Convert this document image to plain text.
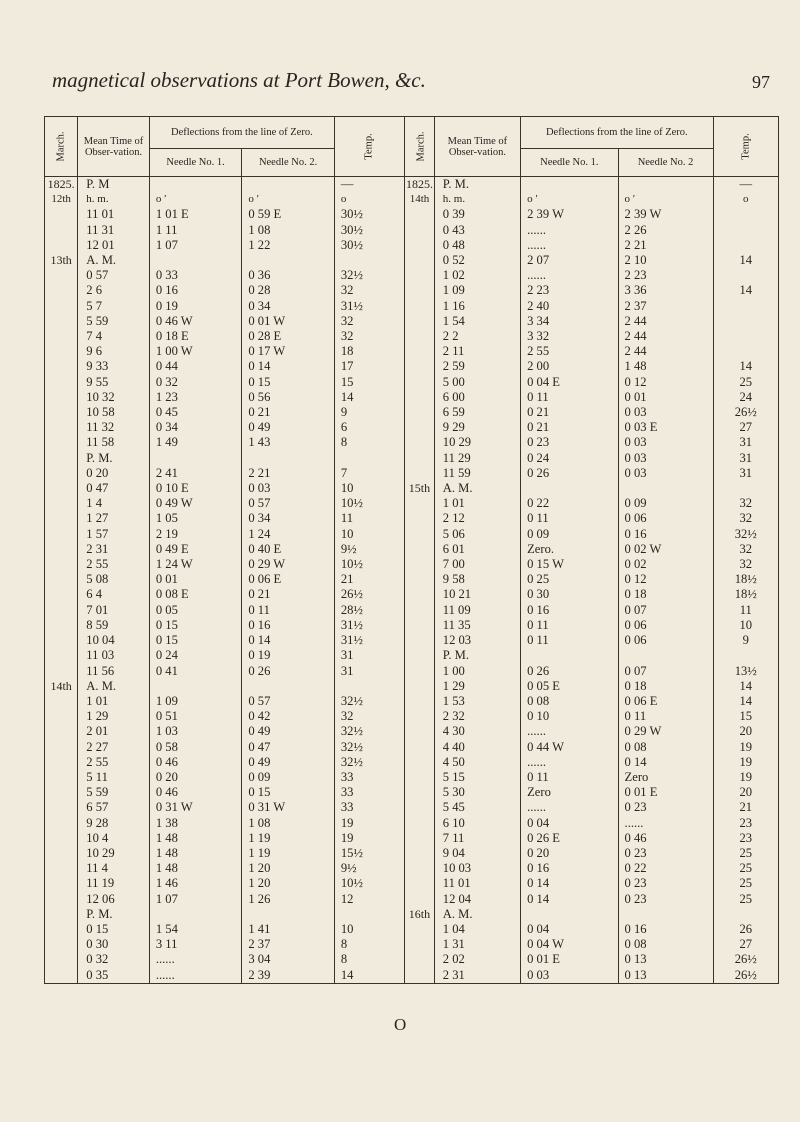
magnetical observations at Port Bowen, &c.	97
March.	Mean Time of Obser-vation.	Deflections from the line of Zero.		Temp.	March.	Mean Time of Obser-vation.	Deflections from the line of Zero.		Temp.
		Needle No. 1.	Needle No. 2.				Needle No. 1.	Needle No. 2	
1825.	P. M			—	1825.	P. M.			—
12th	h. m.	o ′	o ′	o	14th	h. m.	o ′	o ′	o
	11 01	1 01 E	0 59 E	30½		0 39	2 39 W	2 39 W	
	11 31	1 11	1 08	30½		0 43	......	2 26	
	12 01	1 07	1 22	30½		0 48	......	2 21	
13th	A. M.					0 52	2 07	2 10	14
	0 57	0 33	0 36	32½		1 02	......	2 23	
	2 6	0 16	0 28	32		1 09	2 23	3 36	14
	5 7	0 19	0 34	31½		1 16	2 40	2 37	
	5 59	0 46 W	0 01 W	32		1 54	3 34	2 44	
	7 4	0 18 E	0 28 E	32		2 2	3 32	2 44	
	9 6	1 00 W	0 17 W	18		2 11	2 55	2 44	
	9 33	0 44	0 14	17		2 59	2 00	1 48	14
	9 55	0 32	0 15	15		5 00	0 04 E	0 12	25
	10 32	1 23	0 56	14		6 00	0 11	0 01	24
	10 58	0 45	0 21	9		6 59	0 21	0 03	26½
	11 32	0 34	0 49	6		9 29	0 21	0 03 E	27
	11 58	1 49	1 43	8		10 29	0 23	0 03	31
	P. M.					11 29	0 24	0 03	31
	0 20	2 41	2 21	7		11 59	0 26	0 03	31
	0 47	0 10 E	0 03	10	15th	A. M.			
	1 4	0 49 W	0 57	10½		1 01	0 22	0 09	32
	1 27	1 05	0 34	11		2 12	0 11	0 06	32
	1 57	2 19	1 24	10		5 06	0 09	0 16	32½
	2 31	0 49 E	0 40 E	9½		6 01	Zero.	0 02 W	32
	2 55	1 24 W	0 29 W	10½		7 00	0 15 W	0 02	32
	5 08	0 01	0 06 E	21		9 58	0 25	0 12	18½
	6 4	0 08 E	0 21	26½		10 21	0 30	0 18	18½
	7 01	0 05	0 11	28½		11 09	0 16	0 07	11
	8 59	0 15	0 16	31½		11 35	0 11	0 06	10
	10 04	0 15	0 14	31½		12 03	0 11	0 06	9
	11 03	0 24	0 19	31		P. M.			
	11 56	0 41	0 26	31		1 00	0 26	0 07	13½
14th	A. M.					1 29	0 05 E	0 18	14
	1 01	1 09	0 57	32½		1 53	0 08	0 06 E	14
	1 29	0 51	0 42	32		2 32	0 10	0 11	15
	2 01	1 03	0 49	32½		4 30	......	0 29 W	20
	2 27	0 58	0 47	32½		4 40	0 44 W	0 08	19
	2 55	0 46	0 49	32½		4 50	......	0 14	19
	5 11	0 20	0 09	33		5 15	0 11	Zero	19
	5 59	0 46	0 15	33		5 30	Zero	0 01 E	20
	6 57	0 31 W	0 31 W	33		5 45	......	0 23	21
	9 28	1 38	1 08	19		6 10	0 04	......	23
	10 4	1 48	1 19	19		7 11	0 26 E	0 46	23
	10 29	1 48	1 19	15½		9 04	0 20	0 23	25
	11 4	1 48	1 20	9½		10 03	0 16	0 22	25
	11 19	1 46	1 20	10½		11 01	0 14	0 23	25
	12 06	1 07	1 26	12		12 04	0 14	0 23	25
	P. M.				16th	A. M.			
	0 15	1 54	1 41	10		1 04	0 04	0 16	26
	0 30	3 11	2 37	8		1 31	0 04 W	0 08	27
	0 32	......	3 04	8		2 02	0 01 E	0 13	26½
	0 35	......	2 39	14		2 31	0 03	0 13	26½
O
